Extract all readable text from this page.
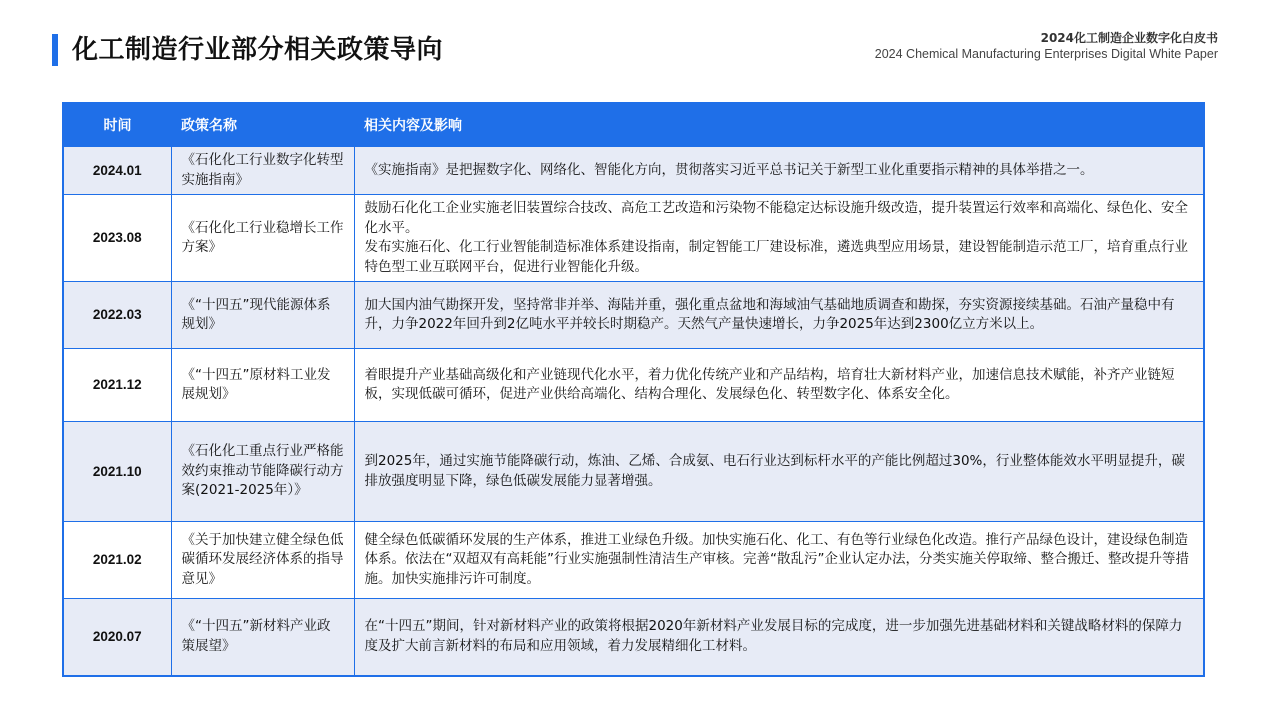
化工制造行业部分相关政策导向	2024化工制造企业数字化白皮书
2024 Chemical Manufacturing Enterprises Digital White Paper
时间	政策名称	相关内容及影响
2024.01	《石化化工行业数字化转型实施指南》	《实施指南》是把握数字化、网络化、智能化方向，贯彻落实习近平总书记关于新型工业化重要指示精神的具体举措之一。
2023.08	《石化化工行业稳增长工作方案》	鼓励石化化工企业实施老旧装置综合技改、高危工艺改造和污染物不能稳定达标设施升级改造，提升装置运行效率和高端化、绿色化、安全化水平。
发布实施石化、化工行业智能制造标准体系建设指南，制定智能工厂建设标准，遴选典型应用场景，建设智能制造示范工厂，培育重点行业特色型工业互联网平台，促进行业智能化升级。

2022.03	《“十四五”现代能源体系规划》	加大国内油气勘探开发，坚持常非并举、海陆并重，强化重点盆地和海域油气基础地质调查和勘探，夯实资源接续基础。石油产量稳中有升，力争2022年回升到2亿吨水平并较长时期稳产。天然气产量快速增长，力争2025年达到2300亿立方米以上。
2021.12	《“十四五”原材料工业发展规划》	着眼提升产业基础高级化和产业链现代化水平，着力优化传统产业和产品结构，培育壮大新材料产业，加速信息技术赋能，补齐产业链短板，实现低碳可循环，促进产业供给高端化、结构合理化、发展绿色化、转型数字化、体系安全化。
2021.10	《石化化工重点行业严格能效约束推动节能降碳行动方案(2021-2025年）》	到2025年，通过实施节能降碳行动，炼油、乙烯、合成氨、电石行业达到标杆水平的产能比例超过30%，行业整体能效水平明显提升，碳排放强度明显下降，绿色低碳发展能力显著增强。
2021.02	《关于加快建立健全绿色低碳循环发展经济体系的指导意见》	健全绿色低碳循环发展的生产体系，推进工业绿色升级。加快实施石化、化工、有色等行业绿色化改造。推行产品绿色设计，建设绿色制造体系。依法在“双超双有高耗能”行业实施强制性清洁生产审核。完善“散乱污”企业认定办法，分类实施关停取缔、整合搬迁、整改提升等措施。加快实施排污许可制度。
2020.07	《“十四五”新材料产业政策展望》	在“十四五”期间，针对新材料产业的政策将根据2020年新材料产业发展目标的完成度，进一步加强先进基础材料和关键战略材料的保障力度及扩大前言新材料的布局和应用领域，着力发展精细化工材料。
